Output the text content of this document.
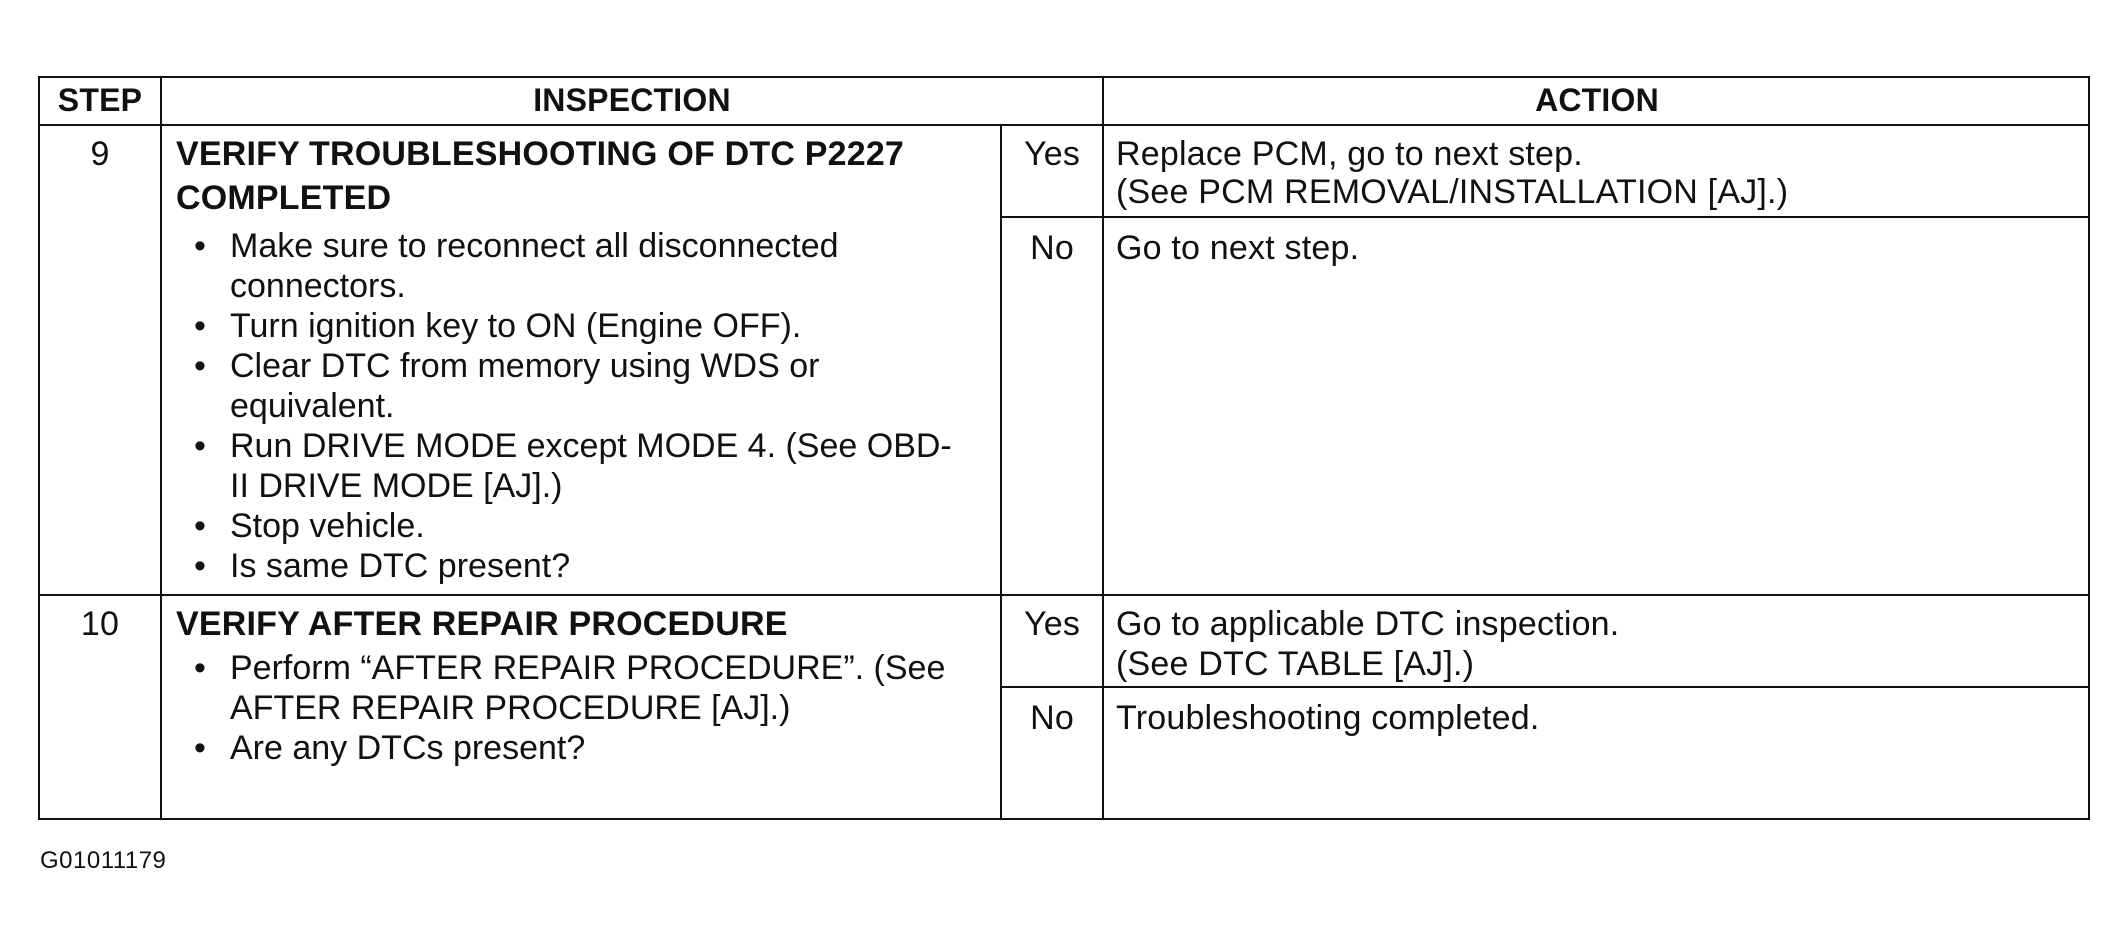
STEP	INSPECTION	ACTION
9	VERIFY TROUBLESHOOTING OF DTC P2227
COMPLETED
• Make sure to reconnect all disconnected connectors.
• Turn ignition key to ON (Engine OFF).
• Clear DTC from memory using WDS or equivalent.
• Run DRIVE MODE except MODE 4. (See OBD-II DRIVE MODE [AJ].)
• Stop vehicle.
• Is same DTC present?
Yes	Replace PCM, go to next step.
(See PCM REMOVAL/INSTALLATION [AJ].)
No	Go to next step.
10	VERIFY AFTER REPAIR PROCEDURE
• Perform “AFTER REPAIR PROCEDURE”. (See AFTER REPAIR PROCEDURE [AJ].)
• Are any DTCs present?
Yes	Go to applicable DTC inspection.
(See DTC TABLE [AJ].)
No	Troubleshooting completed.
G01011179
